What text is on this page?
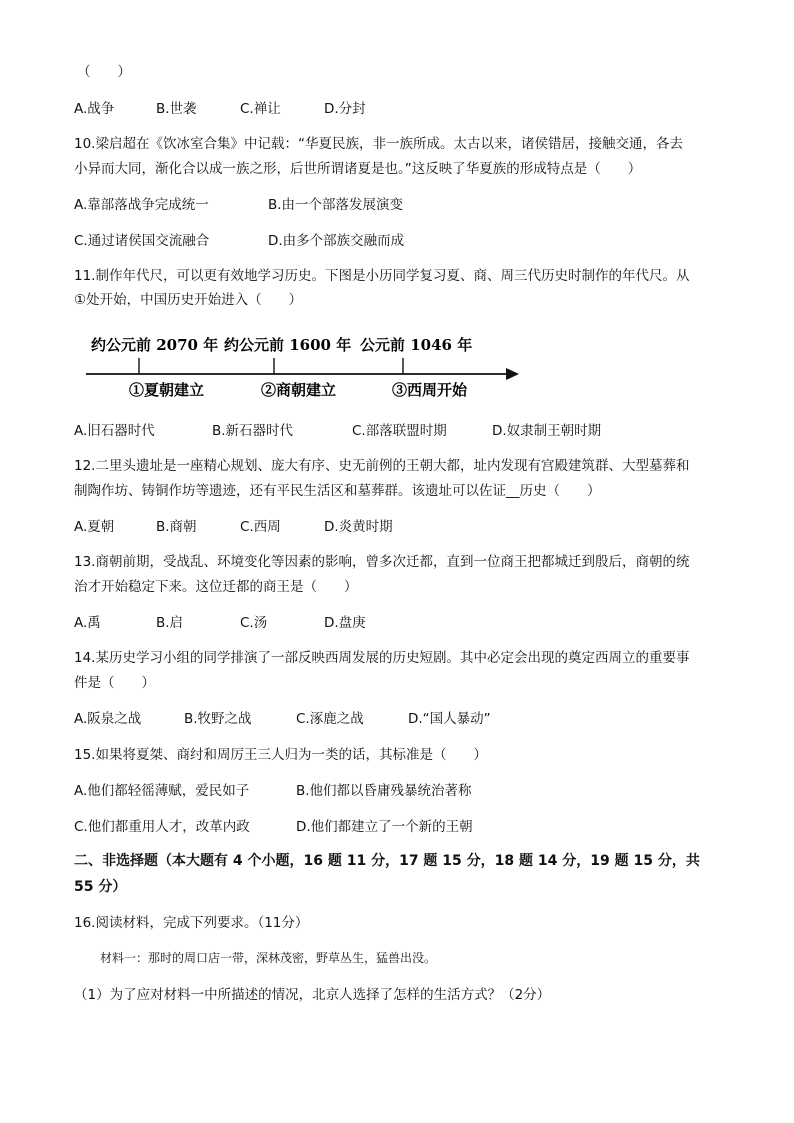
（　　）
A.战争	B.世袭	C.禅让	D.分封
10.梁启超在《饮冰室合集》中记载：“华夏民族，非一族所成。太古以来，诸侯错居，接触交通，各去
小异而大同，渐化合以成一族之形，后世所谓诸夏是也。”这反映了华夏族的形成特点是（　　）
A.靠部落战争完成统一	B.由一个部落发展演变
C.通过诸侯国交流融合	D.由多个部族交融而成
11.制作年代尺，可以更有效地学习历史。下图是小历同学复习夏、商、周三代历史时制作的年代尺。从
①处开始，中国历史开始进入（　　）
约公元前 2070 年 约公元前 1600 年 公元前 1046 年
①夏朝建立	②商朝建立	③西周开始
A.旧石器时代	B.新石器时代	C.部落联盟时期	D.奴隶制王朝时期
12.二里头遗址是一座精心规划、庞大有序、史无前例的王朝大都，址内发现有宫殿建筑群、大型墓葬和
制陶作坊、铸铜作坊等遗迹，还有平民生活区和墓葬群。该遗址可以佐证__历史（　　）
A.夏朝	B.商朝	C.西周	D.炎黄时期
13.商朝前期，受战乱、环境变化等因素的影响，曾多次迁都，直到一位商王把都城迁到殷后，商朝的统
治才开始稳定下来。这位迁都的商王是（　　）
A.禹	B.启	C.汤	D.盘庚
14.某历史学习小组的同学排演了一部反映西周发展的历史短剧。其中必定会出现的奠定西周立的重要事
件是（　　）
A.阪泉之战	B.牧野之战	C.涿鹿之战	D.“国人暴动”
15.如果将夏桀、商纣和周厉王三人归为一类的话，其标准是（　　）
A.他们都轻徭薄赋，爱民如子	B.他们都以昏庸残暴统治著称
C.他们都重用人才，改革内政	D.他们都建立了一个新的王朝
二、非选择题（本大题有 4 个小题，16 题 11 分，17 题 15 分，18 题 14 分，19 题 15 分，共
55 分）
16.阅读材料，完成下列要求。（11分）
材料一：那时的周口店一带，深林茂密，野草丛生，猛兽出没。
（1）为了应对材料一中所描述的情况，北京人选择了怎样的生活方式？（2分）
